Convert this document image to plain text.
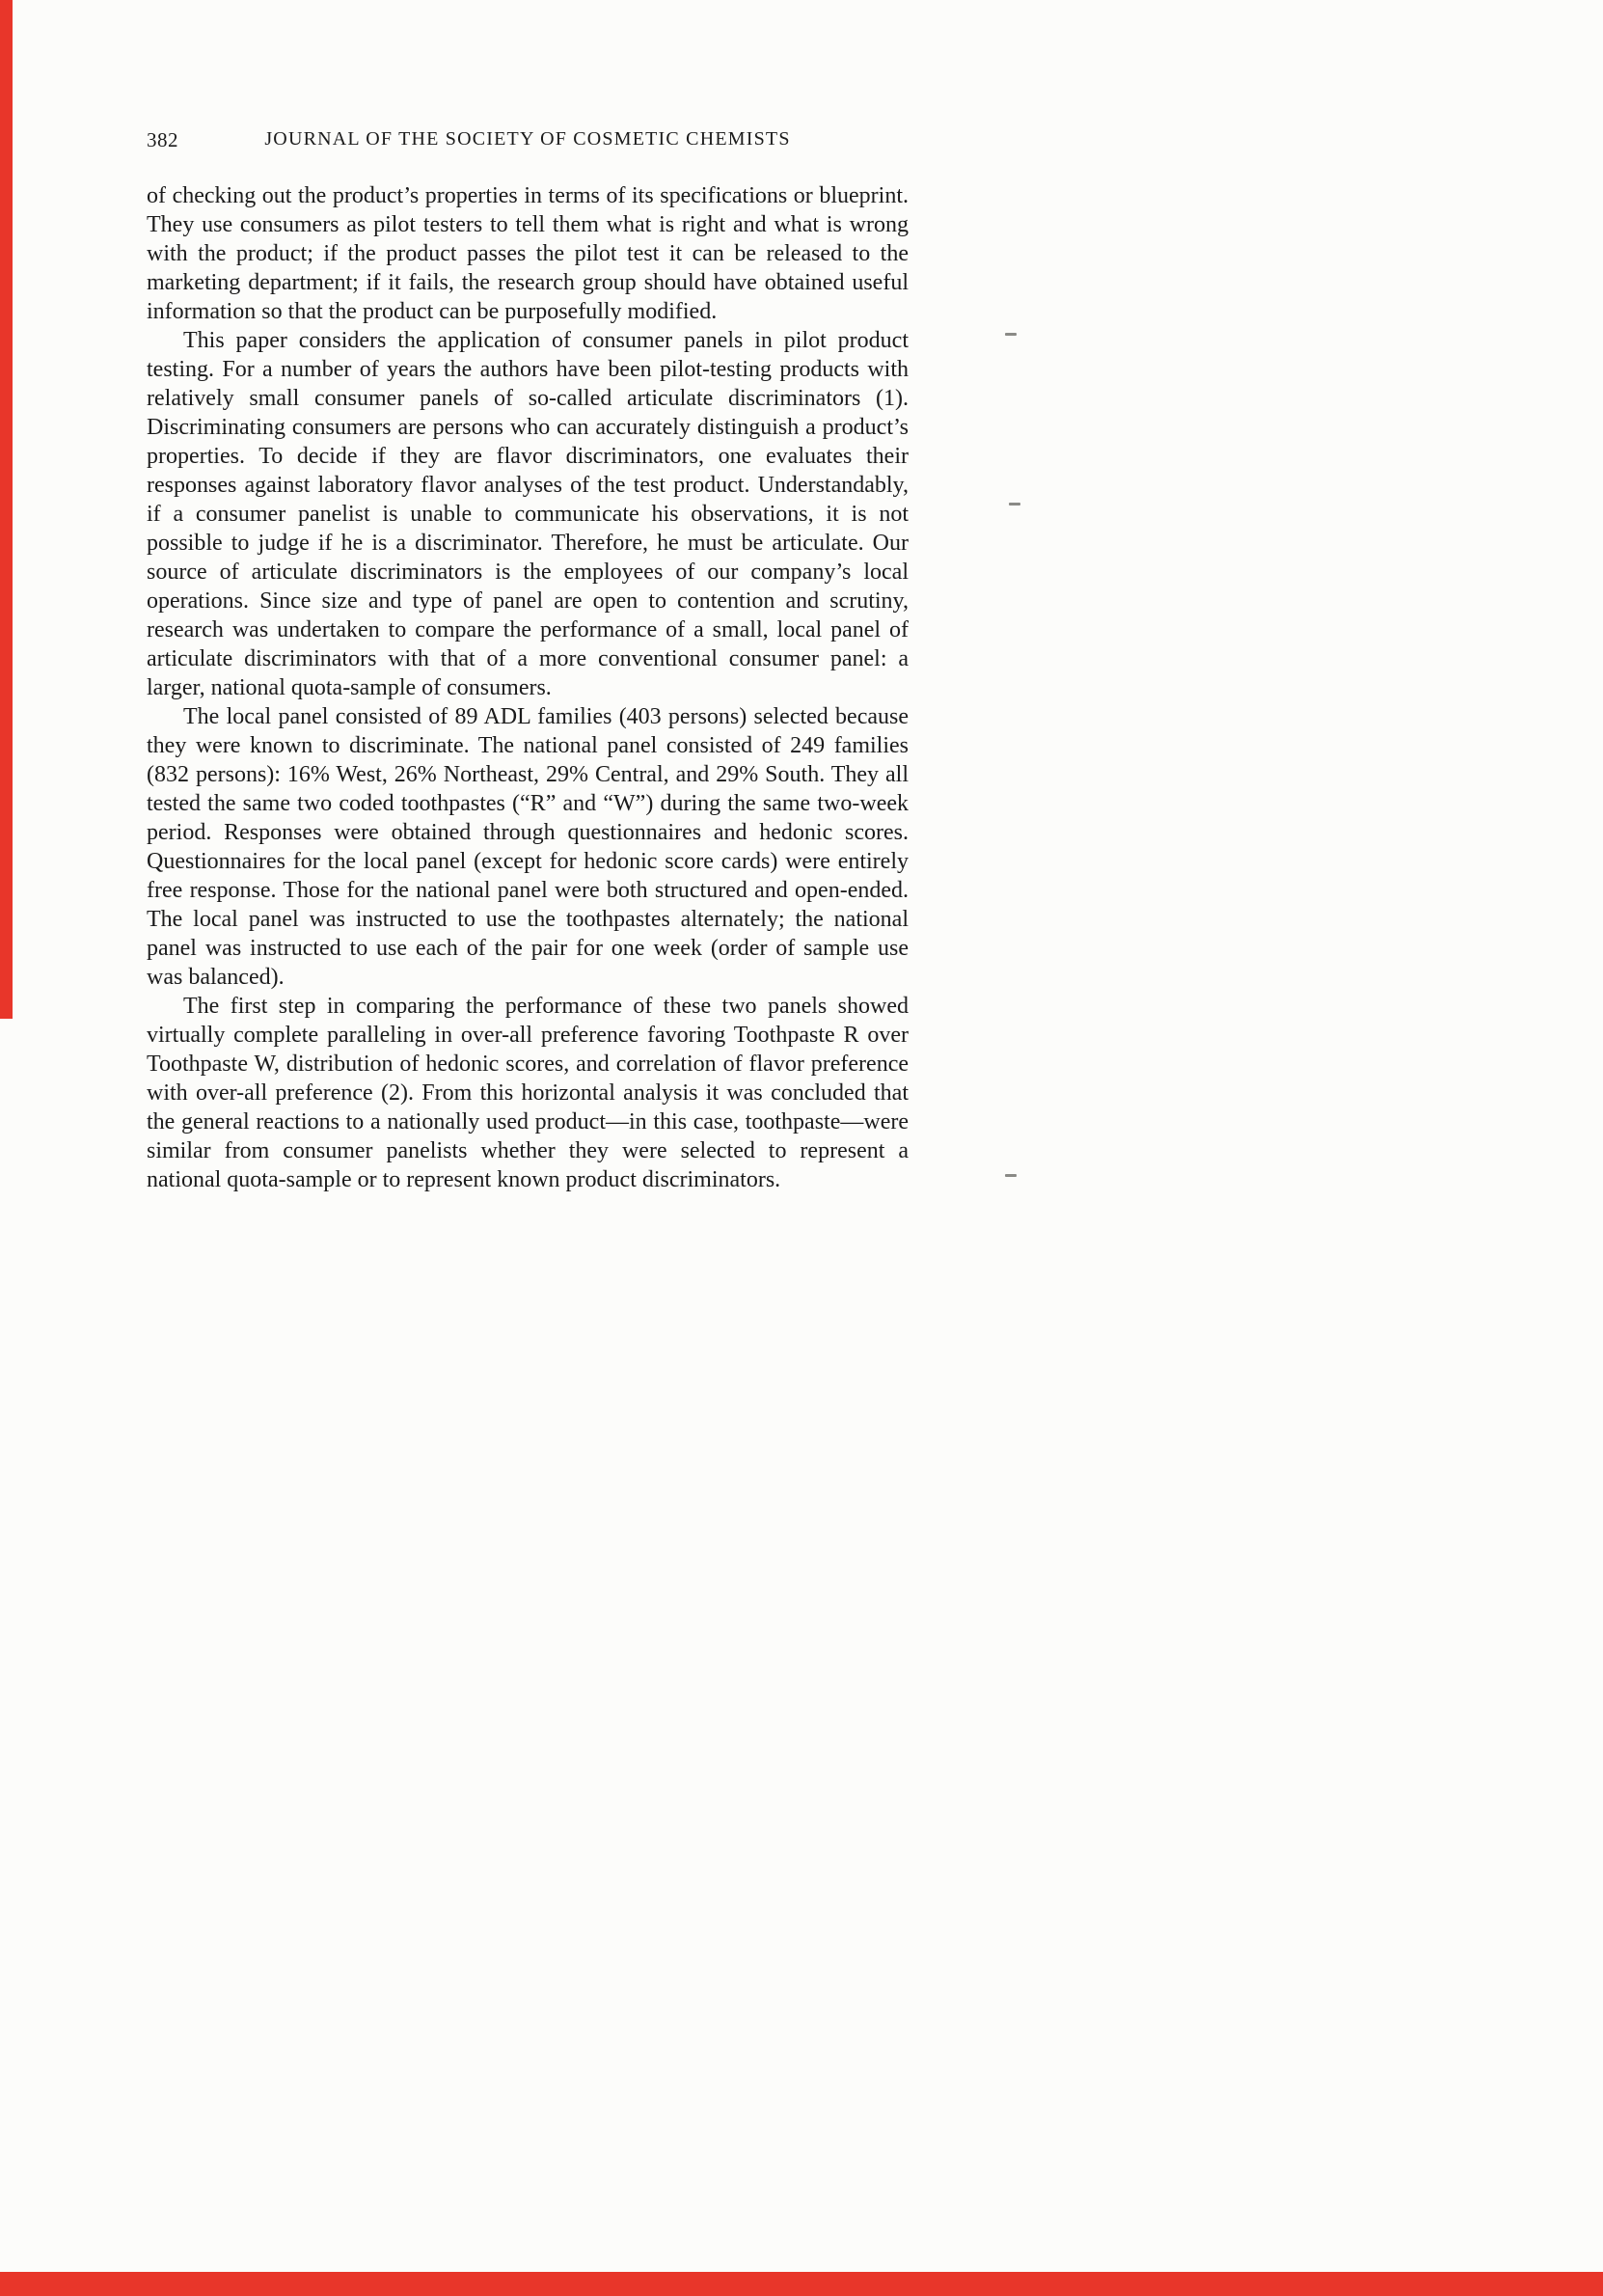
382	JOURNAL OF THE SOCIETY OF COSMETIC CHEMISTS

of checking out the product’s properties in terms of its specifications or blueprint. They use consumers as pilot testers to tell them what is right and what is wrong with the product; if the product passes the pilot test it can be released to the marketing department; if it fails, the research group should have obtained useful information so that the product can be purposefully modified.

This paper considers the application of consumer panels in pilot product testing. For a number of years the authors have been pilot-testing products with relatively small consumer panels of so-called articulate discriminators (1). Discriminating consumers are persons who can accurately distinguish a product’s properties. To decide if they are flavor discriminators, one evaluates their responses against laboratory flavor analyses of the test product. Understandably, if a consumer panelist is unable to communicate his observations, it is not possible to judge if he is a discriminator. Therefore, he must be articulate. Our source of articulate discriminators is the employees of our company’s local operations. Since size and type of panel are open to contention and scrutiny, research was undertaken to compare the performance of a small, local panel of articulate discriminators with that of a more conventional consumer panel: a larger, national quota-sample of consumers.

The local panel consisted of 89 ADL families (403 persons) selected because they were known to discriminate. The national panel consisted of 249 families (832 persons): 16% West, 26% Northeast, 29% Central, and 29% South. They all tested the same two coded toothpastes (“R” and “W”) during the same two-week period. Responses were obtained through questionnaires and hedonic scores. Questionnaires for the local panel (except for hedonic score cards) were entirely free response. Those for the national panel were both structured and open-ended. The local panel was instructed to use the toothpastes alternately; the national panel was instructed to use each of the pair for one week (order of sample use was balanced).

The first step in comparing the performance of these two panels showed virtually complete paralleling in over-all preference favoring Toothpaste R over Toothpaste W, distribution of hedonic scores, and correlation of flavor preference with over-all preference (2). From this horizontal analysis it was concluded that the general reactions to a nationally used product—in this case, toothpaste—were similar from consumer panelists whether they were selected to represent a national quota-sample or to represent known product discriminators.
